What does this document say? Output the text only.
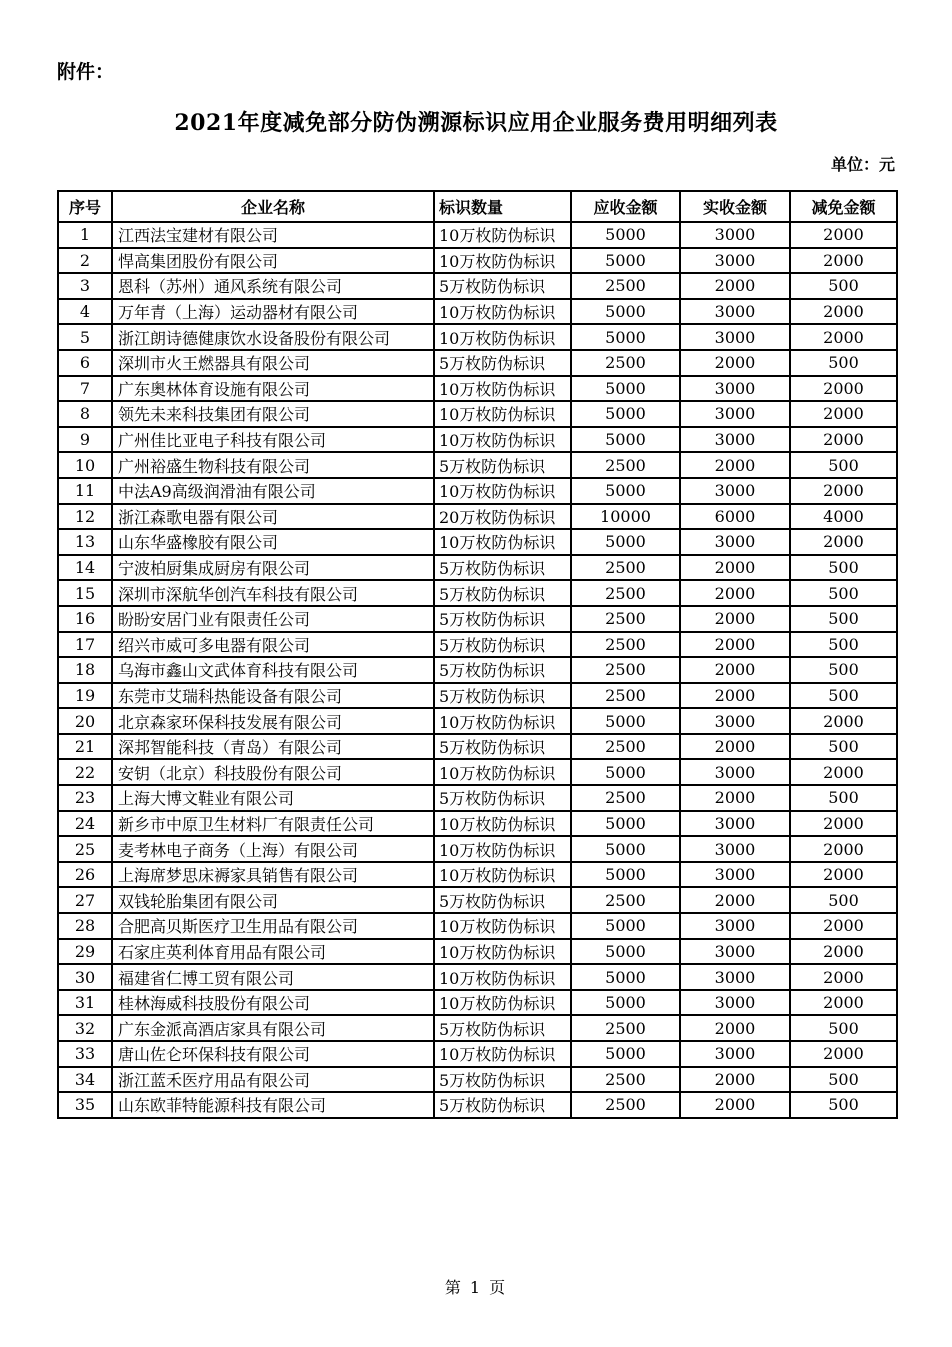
附件：
2021年度减免部分防伪溯源标识应用企业服务费用明细列表
单位：元
序号	企业名称	标识数量	应收金额	实收金额	减免金额
1	江西法宝建材有限公司	10万枚防伪标识	5000	3000	2000
2	悍高集团股份有限公司	10万枚防伪标识	5000	3000	2000
3	恩科（苏州）通风系统有限公司	5万枚防伪标识	2500	2000	500
4	万年青（上海）运动器材有限公司	10万枚防伪标识	5000	3000	2000
5	浙江朗诗德健康饮水设备股份有限公司	10万枚防伪标识	5000	3000	2000
6	深圳市火王燃器具有限公司	5万枚防伪标识	2500	2000	500
7	广东奥林体育设施有限公司	10万枚防伪标识	5000	3000	2000
8	领先未来科技集团有限公司	10万枚防伪标识	5000	3000	2000
9	广州佳比亚电子科技有限公司	10万枚防伪标识	5000	3000	2000
10	广州裕盛生物科技有限公司	5万枚防伪标识	2500	2000	500
11	中法A9高级润滑油有限公司	10万枚防伪标识	5000	3000	2000
12	浙江森歌电器有限公司	20万枚防伪标识	10000	6000	4000
13	山东华盛橡胶有限公司	10万枚防伪标识	5000	3000	2000
14	宁波柏厨集成厨房有限公司	5万枚防伪标识	2500	2000	500
15	深圳市深航华创汽车科技有限公司	5万枚防伪标识	2500	2000	500
16	盼盼安居门业有限责任公司	5万枚防伪标识	2500	2000	500
17	绍兴市威可多电器有限公司	5万枚防伪标识	2500	2000	500
18	乌海市鑫山文武体育科技有限公司	5万枚防伪标识	2500	2000	500
19	东莞市艾瑞科热能设备有限公司	5万枚防伪标识	2500	2000	500
20	北京森家环保科技发展有限公司	10万枚防伪标识	5000	3000	2000
21	深邦智能科技（青岛）有限公司	5万枚防伪标识	2500	2000	500
22	安钥（北京）科技股份有限公司	10万枚防伪标识	5000	3000	2000
23	上海大博文鞋业有限公司	5万枚防伪标识	2500	2000	500
24	新乡市中原卫生材料厂有限责任公司	10万枚防伪标识	5000	3000	2000
25	麦考林电子商务（上海）有限公司	10万枚防伪标识	5000	3000	2000
26	上海席梦思床褥家具销售有限公司	10万枚防伪标识	5000	3000	2000
27	双钱轮胎集团有限公司	5万枚防伪标识	2500	2000	500
28	合肥高贝斯医疗卫生用品有限公司	10万枚防伪标识	5000	3000	2000
29	石家庄英利体育用品有限公司	10万枚防伪标识	5000	3000	2000
30	福建省仁博工贸有限公司	10万枚防伪标识	5000	3000	2000
31	桂林海威科技股份有限公司	10万枚防伪标识	5000	3000	2000
32	广东金派高酒店家具有限公司	5万枚防伪标识	2500	2000	500
33	唐山佐仑环保科技有限公司	10万枚防伪标识	5000	3000	2000
34	浙江蓝禾医疗用品有限公司	5万枚防伪标识	2500	2000	500
35	山东欧菲特能源科技有限公司	5万枚防伪标识	2500	2000	500
第 1 页
